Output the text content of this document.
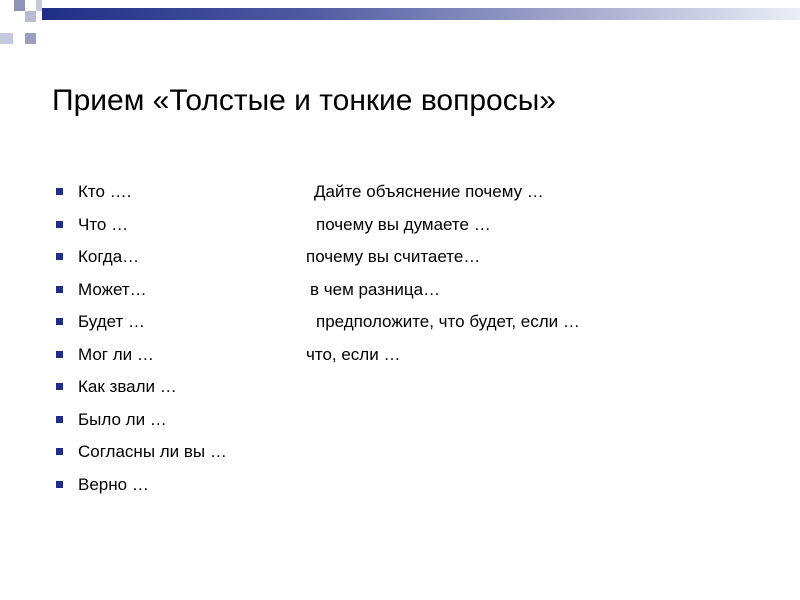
Прием «Толстые и тонкие вопросы»
Кто ….	Дайте объяснение почему …
Что …	почему вы думаете …
Когда…	почему вы считаете…
Может…	в чем разница…
Будет …	предположите, что будет, если …
Мог ли …	что, если …
Как звали …
Было ли …
Согласны ли вы …
Верно …
